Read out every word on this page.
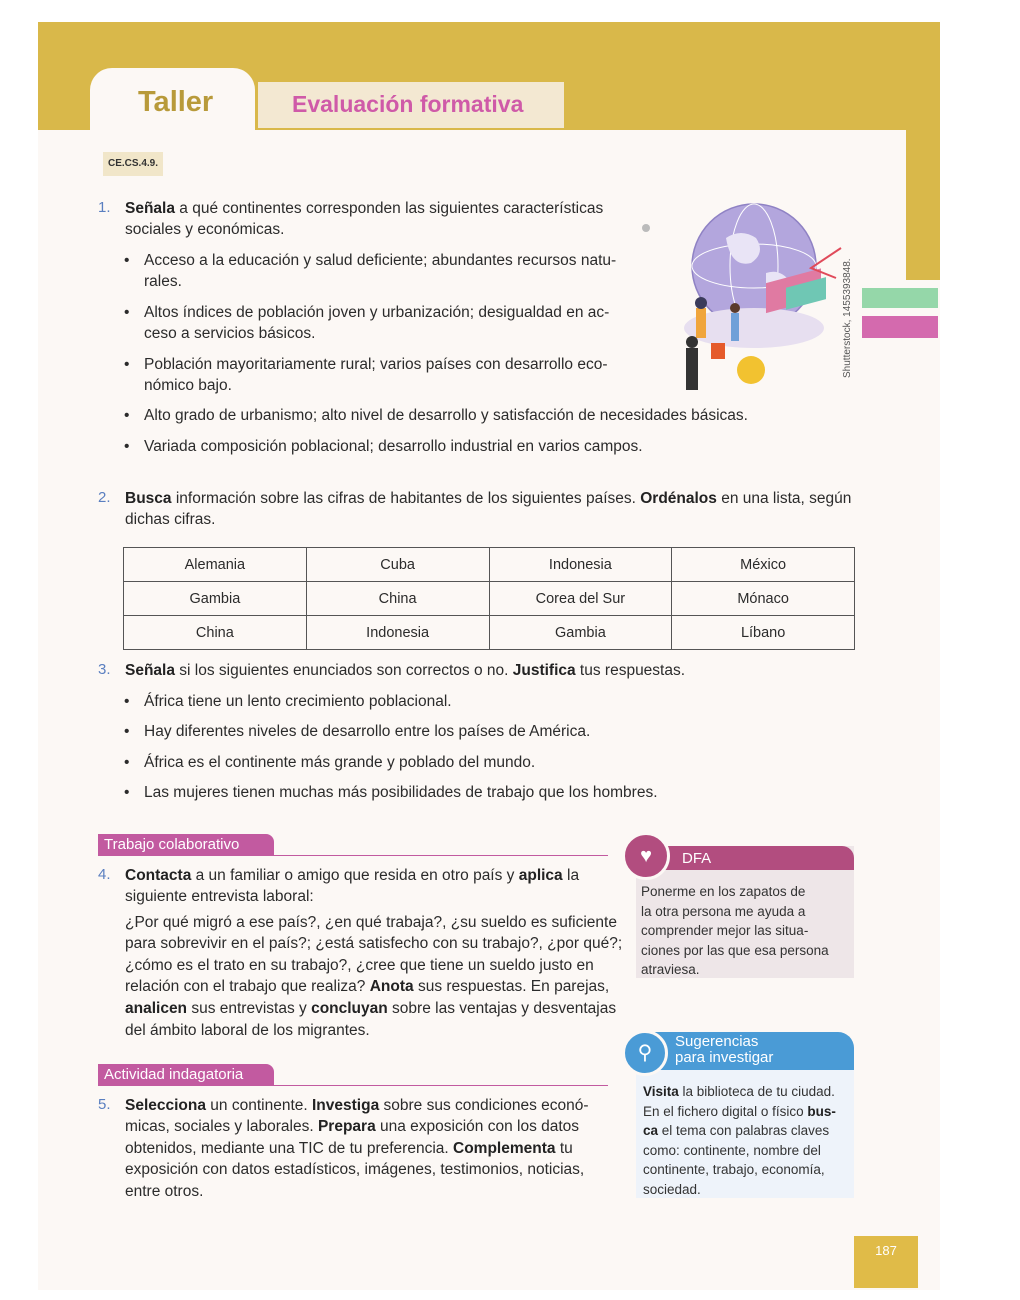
Taller	Evaluación formativa
CE.CS.4.9.
Shutterstock, 1455393848.
1. Señala a qué continentes corresponden las siguientes características
sociales y económicas.
• Acceso a la educación y salud deficiente; abundantes recursos natu-
rales.
• Altos índices de población joven y urbanización; desigualdad en ac-
ceso a servicios básicos.
• Población mayoritariamente rural; varios países con desarrollo eco-
nómico bajo.
• Alto grado de urbanismo; alto nivel de desarrollo y satisfacción de necesidades básicas.
• Variada composición poblacional; desarrollo industrial en varios campos.
2. Busca información sobre las cifras de habitantes de los siguientes países. Ordénalos en una lista, según
dichas cifras.
Alemania	Cuba	Indonesia	México
Gambia	China	Corea del Sur	Mónaco
China	Indonesia	Gambia	Líbano
3. Señala si los siguientes enunciados son correctos o no. Justifica tus respuestas.
• África tiene un lento crecimiento poblacional.
• Hay diferentes niveles de desarrollo entre los países de América.
• África es el continente más grande y poblado del mundo.
• Las mujeres tienen muchas más posibilidades de trabajo que los hombres.
Trabajo colaborativo
4. Contacta a un familiar o amigo que resida en otro país y aplica la
siguiente entrevista laboral:
¿Por qué migró a ese país?, ¿en qué trabaja?, ¿su sueldo es suficiente
para sobrevivir en el país?; ¿está satisfecho con su trabajo?, ¿por qué?;
¿cómo es el trato en su trabajo?, ¿cree que tiene un sueldo justo en
relación con el trabajo que realiza? Anota sus respuestas. En parejas,
analicen sus entrevistas y concluyan sobre las ventajas y desventajas
del ámbito laboral de los migrantes.
Actividad indagatoria
5. Selecciona un continente. Investiga sobre sus condiciones econó-
micas, sociales y laborales. Prepara una exposición con los datos
obtenidos, mediante una TIC de tu preferencia. Complementa tu
exposición con datos estadísticos, imágenes, testimonios, noticias,
entre otros.
♥	DFA
Ponerme en los zapatos de
la otra persona me ayuda a
comprender mejor las situa-
ciones por las que esa persona
atraviesa.
⚲
Sugerencias
para investigar
Visita la biblioteca de tu ciudad.
En el fichero digital o físico bus-
ca el tema con palabras claves
como: continente, nombre del
continente, trabajo, economía,
sociedad.
187
